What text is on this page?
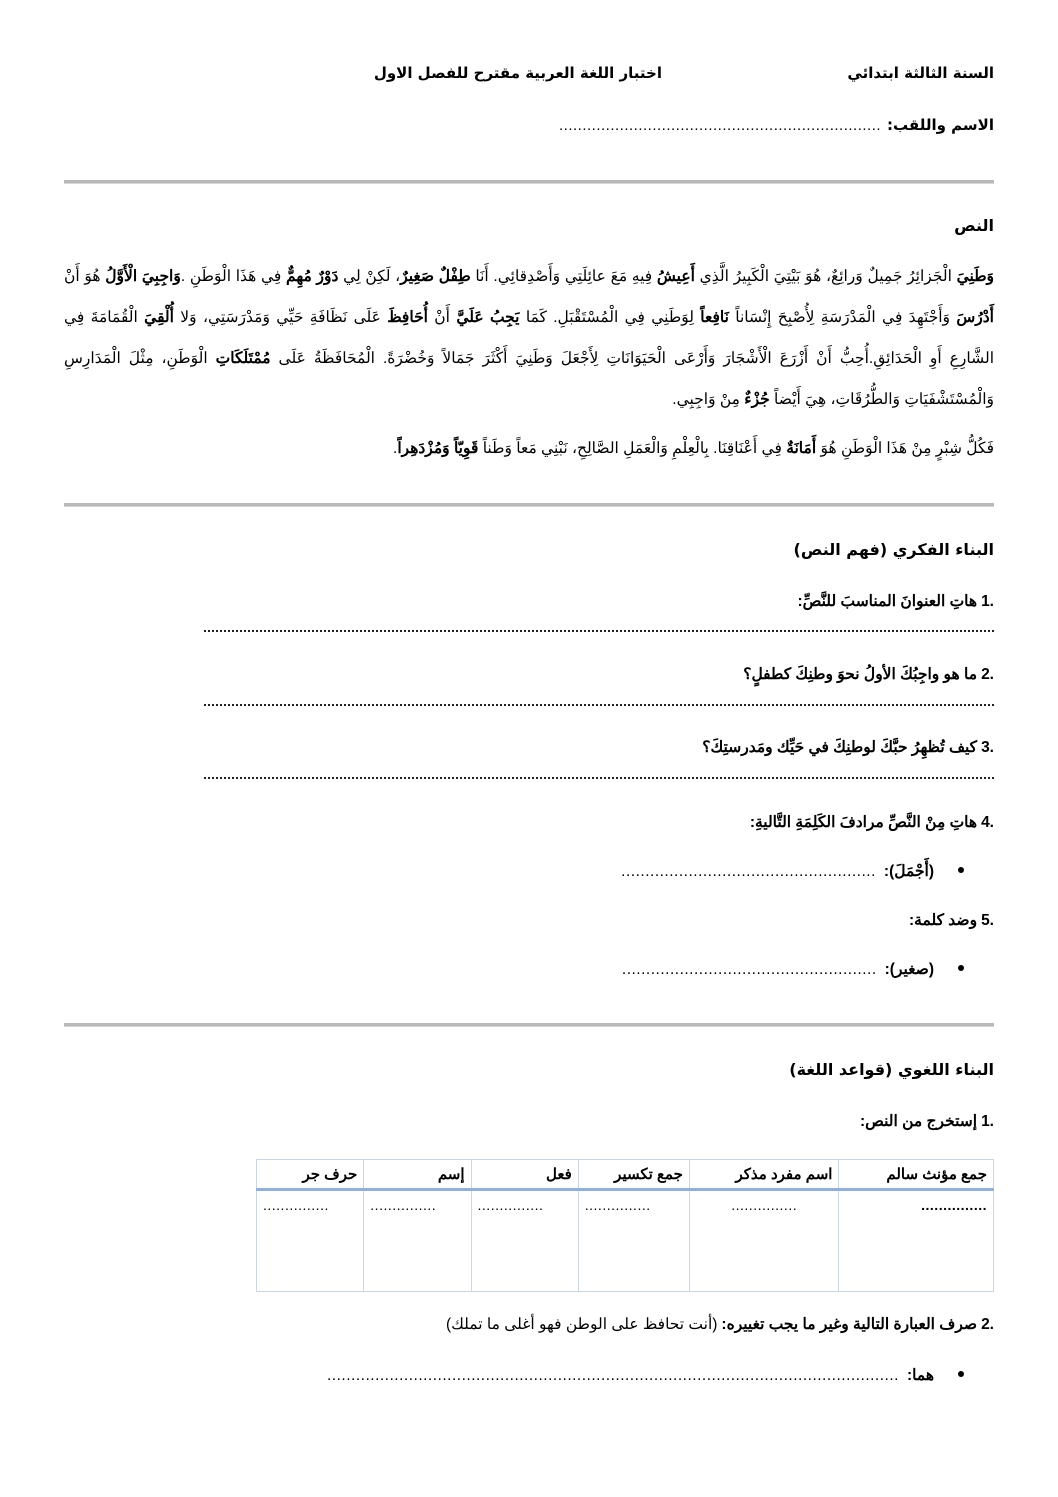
السنة الثالثة ابتدائي
اختبار اللغة العربية مقترح للفصل الاول
الاسم واللقب:
.....................................................................
النص

وَطَنِيَ الْجَزائِرُ جَمِيلٌ وَرائِعٌ، هُوَ بَيْتِيَ الْكَبِيرُ الَّذِي أَعِيشُ فِيهِ مَعَ عائِلَتِي وَأَصْدِقائِي. أَنَا طِفْلٌ صَغِيرٌ، لَكِنْ لِي دَوْرٌ مُهِمٌّ فِي هَذَا الْوَطَنِ .وَاجِبِيَ الْأَوَّلُ هُوَ أَنْ أَدْرُسَ وَأَجْتَهِدَ فِي الْمَدْرَسَةِ لِأُصْبِحَ إِنْسَاناً نَافِعاً لِوَطَنِي فِي الْمُسْتَقْبَلِ. كَمَا يَجِبُ عَلَيَّ أَنْ أُحَافِظَ عَلَى نَظَافَةِ حَيِّي وَمَدْرَسَتِي، وَلا أُلْقِيَ الْقُمَامَةَ فِي الشَّارِعِ أَوِ الْحَدَائِقِ.أُحِبُّ أَنْ أَزْرَعَ الْأَشْجَارَ وَأَرْعَى الْحَيَوَانَاتِ لِأَجْعَلَ وَطَنِيَ أَكْثَرَ جَمَالاً وَخُضْرَةً. الْمُحَافَظَةُ عَلَى مُمْتَلَكَاتِ الْوَطَنِ، مِثْلَ الْمَدَارِسِ وَالْمُسْتَشْفَيَاتِ وَالطُّرُقَاتِ، هِيَ أَيْضاً جُزْءٌ مِنْ وَاجِبِي.

فَكُلُّ شِبْرٍ مِنْ هَذَا الْوَطَنِ هُوَ أَمَانَةٌ فِي أَعْنَاقِنَا. بِالْعِلْمِ وَالْعَمَلِ الصَّالِحِ، نَبْنِي مَعاً وَطَناً قَوِيّاً وَمُزْدَهِراً.

البناء الفكري (فهم النص)
1.
هاتِ العنوانَ المناسبَ للنَّصِّ:
2.
ما هو واجِبُكَ الأولُ نحوَ وطنِكَ كطفلٍ؟
3.
كيف تُظهِرُ حبَّكَ لوطنِكَ في حَيِّك ومَدرستِكَ؟
4.
هاتِ مِنْ النَّصِّ مرادفَ الكَلِمَةِ التَّاليةِ:
(أَجْمَلَ):
.....................................................
5.
وضد كلمة:
(صغير):
.....................................................
البناء اللغوي (قواعد اللغة)
1.
إستخرج من النص:
جمع مؤنث سالم	اسم مفرد مذكر	جمع تكسير	فعل	إسم	حرف جر
...............	...............	...............	...............	...............	...............
2.
صرف العبارة التالية وغير ما يجب تغييره:
(أنت تحافظ على الوطن فهو أغلى ما تملك)
هما:
.......................................................................................................................
